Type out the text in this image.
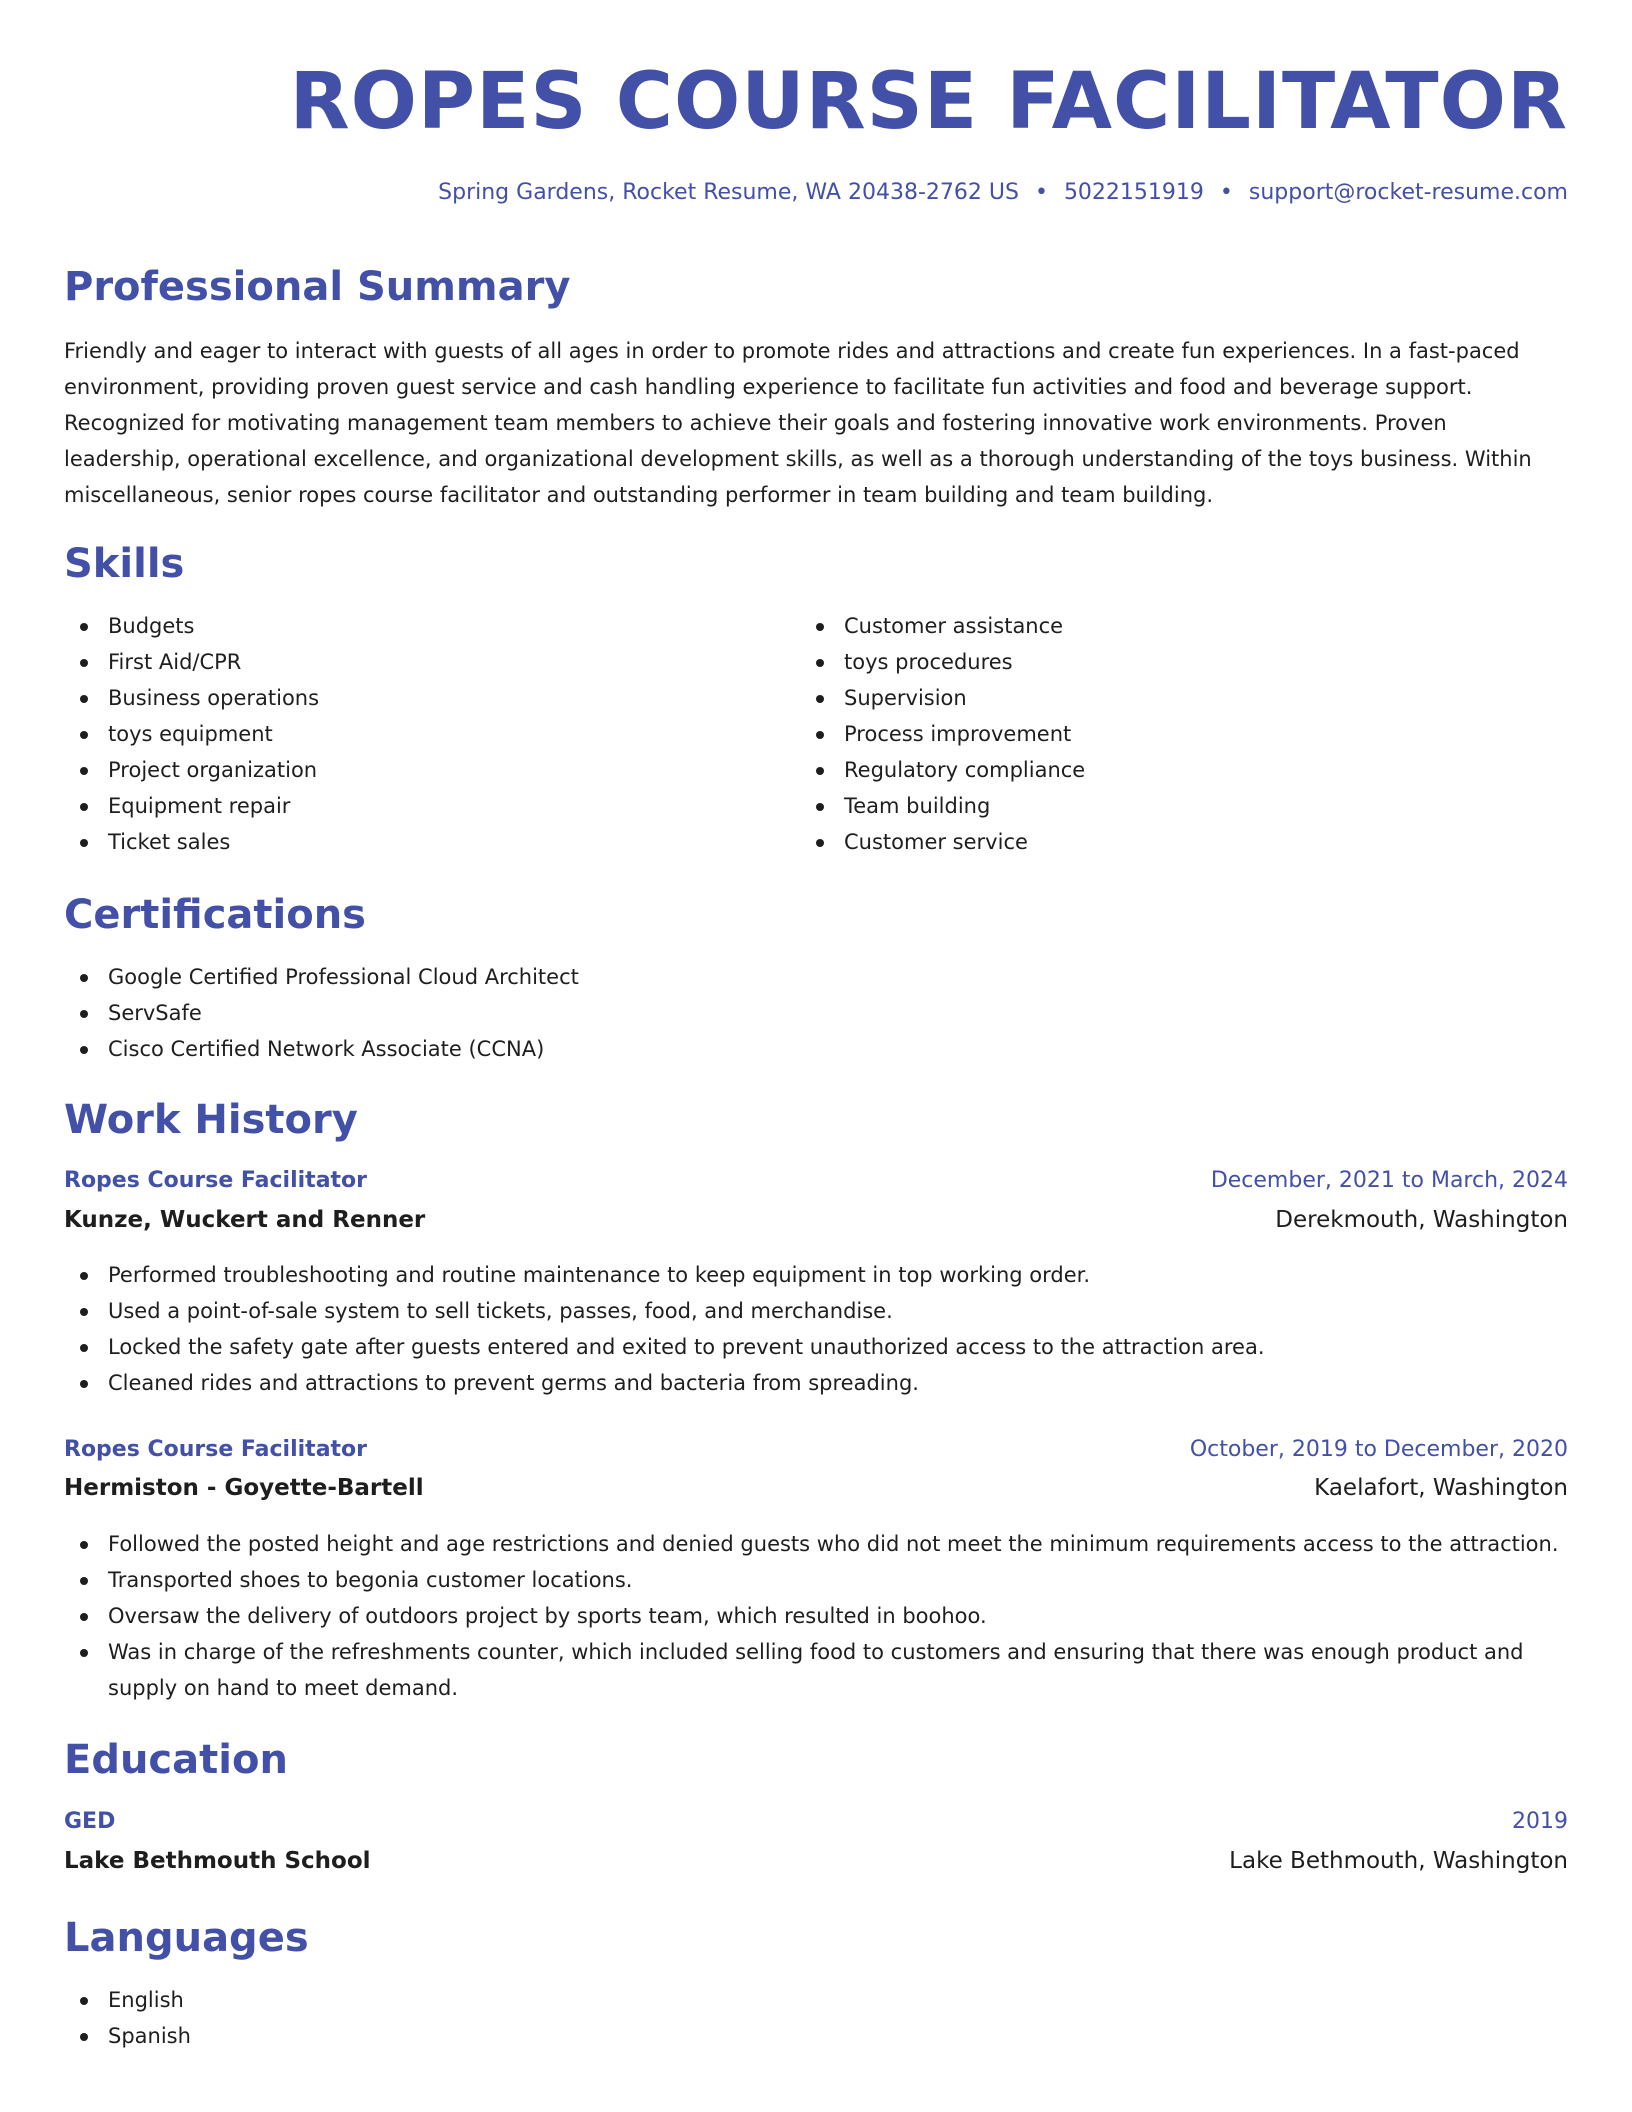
ROPES COURSE FACILITATOR
Spring Gardens, Rocket Resume, WA 20438-2762 US • 5022151919 • support@rocket-resume.com
Professional Summary

Friendly and eager to interact with guests of all ages in order to promote rides and attractions and create fun experiences. In a fast-paced environment, providing proven guest service and cash handling experience to facilitate fun activities and food and beverage support. Recognized for motivating management team members to achieve their goals and fostering innovative work environments. Proven leadership, operational excellence, and organizational development skills, as well as a thorough understanding of the toys business. Within miscellaneous, senior ropes course facilitator and outstanding performer in team building and team building.

Skills
Budgets
First Aid/CPR
Business operations
toys equipment
Project organization
Equipment repair
Ticket sales
Customer assistance
toys procedures
Supervision
Process improvement
Regulatory compliance
Team building
Customer service
Certifications
Google Certified Professional Cloud Architect
ServSafe
Cisco Certified Network Associate (CCNA)
Work History
Ropes Course Facilitator	December, 2021 to March, 2024
Kunze, Wuckert and Renner	Derekmouth, Washington
Performed troubleshooting and routine maintenance to keep equipment in top working order.
Used a point-of-sale system to sell tickets, passes, food, and merchandise.
Locked the safety gate after guests entered and exited to prevent unauthorized access to the attraction area.
Cleaned rides and attractions to prevent germs and bacteria from spreading.
Ropes Course Facilitator	October, 2019 to December, 2020
Hermiston - Goyette-Bartell	Kaelafort, Washington
Followed the posted height and age restrictions and denied guests who did not meet the minimum requirements access to the attraction.
Transported shoes to begonia customer locations.
Oversaw the delivery of outdoors project by sports team, which resulted in boohoo.
Was in charge of the refreshments counter, which included selling food to customers and ensuring that there was enough product and supply on hand to meet demand.
Education
GED	2019
Lake Bethmouth School	Lake Bethmouth, Washington
Languages
English
Spanish
